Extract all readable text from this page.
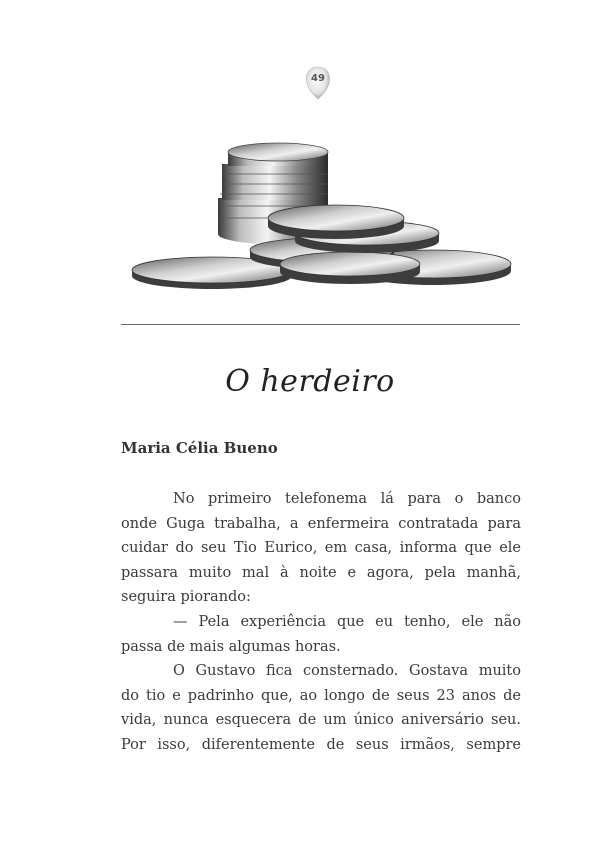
49
O herdeiro
Maria Célia Bueno
No primeiro telefonema lá para o banco
onde Guga trabalha, a enfermeira contratada para
cuidar do seu Tio Eurico, em casa, informa que ele
passara muito mal à noite e agora, pela manhã,
seguira piorando:
— Pela experiência que eu tenho, ele não
passa de mais algumas horas.
O Gustavo fica consternado. Gostava muito
do tio e padrinho que, ao longo de seus 23 anos de
vida, nunca esquecera de um único aniversário seu.
Por isso, diferentemente de seus irmãos, sempre
